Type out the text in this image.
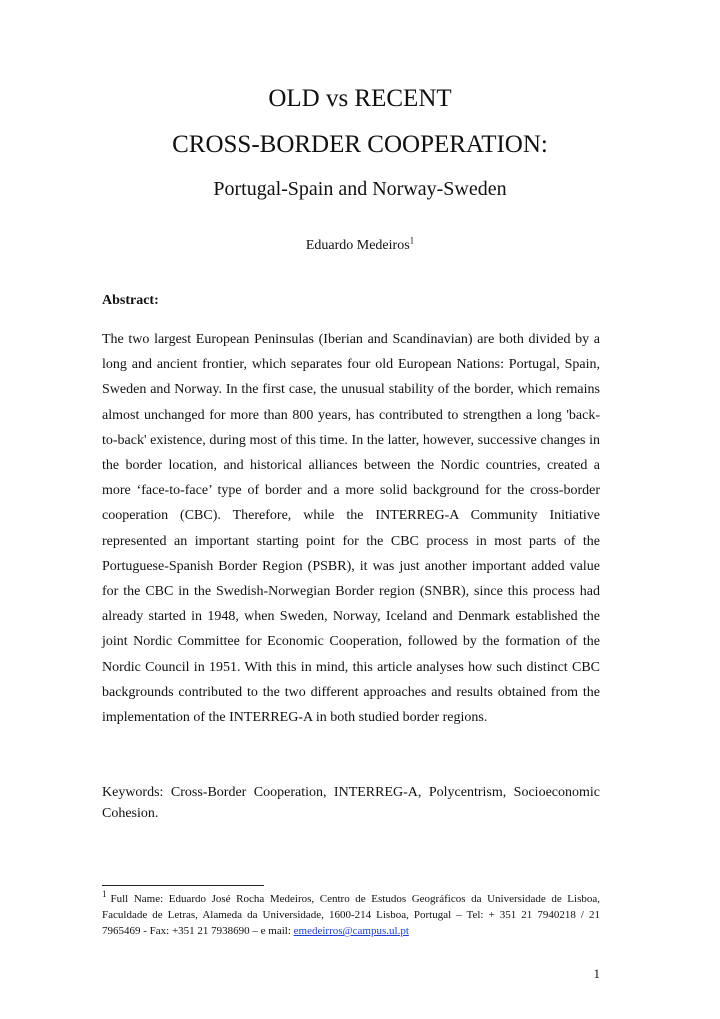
OLD vs RECENT
CROSS-BORDER COOPERATION:
Portugal-Spain and Norway-Sweden
Eduardo Medeiros$^1$
Abstract:

The two largest European Peninsulas (Iberian and Scandinavian) are both divided by a long and ancient frontier, which separates four old European Nations: Portugal, Spain, Sweden and Norway. In the first case, the unusual stability of the border, which remains almost unchanged for more than 800 years, has contributed to strengthen a long 'back-to-back' existence, during most of this time. In the latter, however, successive changes in the border location, and historical alliances between the Nordic countries, created a more ‘face-to-face’ type of border and a more solid background for the cross-border cooperation (CBC). Therefore, while the INTERREG-A Community Initiative represented an important starting point for the CBC process in most parts of the Portuguese-Spanish Border Region (PSBR), it was just another important added value for the CBC in the Swedish-Norwegian Border region (SNBR), since this process had already started in 1948, when Sweden, Norway, Iceland and Denmark established the joint Nordic Committee for Economic Cooperation, followed by the formation of the Nordic Council in 1951. With this in mind, this article analyses how such distinct CBC backgrounds contributed to the two different approaches and results obtained from the implementation of the INTERREG-A in both studied border regions.

Keywords: Cross-Border Cooperation, INTERREG-A, Polycentrism, Socioeconomic Cohesion.

$^1$ Full Name: Eduardo José Rocha Medeiros, Centro de Estudos Geográficos da Universidade de Lisboa, Faculdade de Letras, Alameda da Universidade, 1600-214 Lisboa, Portugal – Tel: + 351 21 7940218 / 21 7965469 - Fax: +351 21 7938690 – e mail: emedeirros@campus.ul.pt

1
